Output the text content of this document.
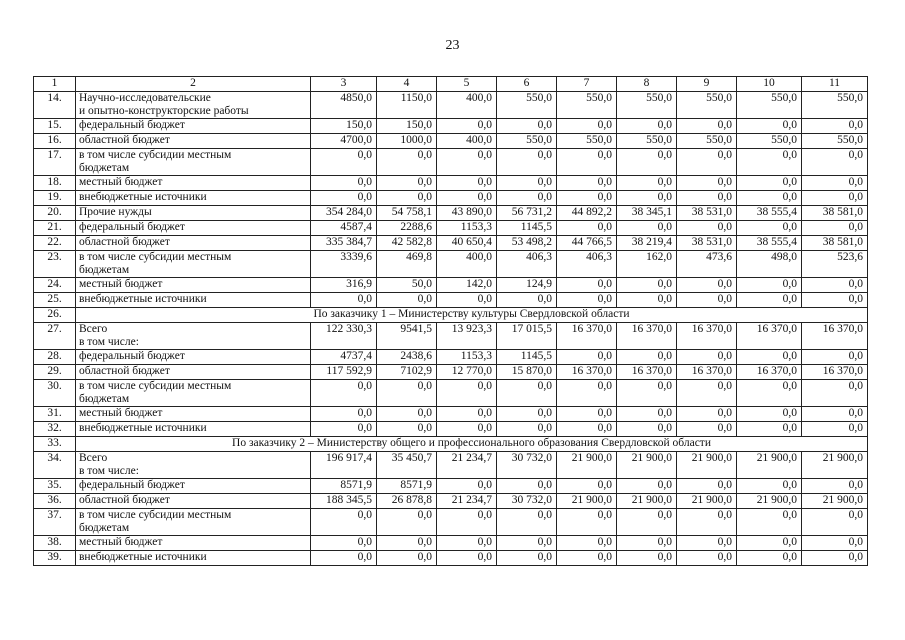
23
1	2	3	4	5	6	7	8	9	10	11
14.	Научно-исследовательские
и опытно-конструкторские работы	4850,0	1150,0	400,0	550,0	550,0	550,0	550,0	550,0	550,0
15.	федеральный бюджет	150,0	150,0	0,0	0,0	0,0	0,0	0,0	0,0	0,0
16.	областной бюджет	4700,0	1000,0	400,0	550,0	550,0	550,0	550,0	550,0	550,0
17.	в том числе субсидии местным
бюджетам	0,0	0,0	0,0	0,0	0,0	0,0	0,0	0,0	0,0
18.	местный бюджет	0,0	0,0	0,0	0,0	0,0	0,0	0,0	0,0	0,0
19.	внебюджетные источники	0,0	0,0	0,0	0,0	0,0	0,0	0,0	0,0	0,0
20.	Прочие нужды	354 284,0	54 758,1	43 890,0	56 731,2	44 892,2	38 345,1	38 531,0	38 555,4	38 581,0
21.	федеральный бюджет	4587,4	2288,6	1153,3	1145,5	0,0	0,0	0,0	0,0	0,0
22.	областной бюджет	335 384,7	42 582,8	40 650,4	53 498,2	44 766,5	38 219,4	38 531,0	38 555,4	38 581,0
23.	в том числе субсидии местным
бюджетам	3339,6	469,8	400,0	406,3	406,3	162,0	473,6	498,0	523,6
24.	местный бюджет	316,9	50,0	142,0	124,9	0,0	0,0	0,0	0,0	0,0
25.	внебюджетные источники	0,0	0,0	0,0	0,0	0,0	0,0	0,0	0,0	0,0
26.	По заказчику 1 – Министерству культуры Свердловской области									
27.	Всего
в том числе:	122 330,3	9541,5	13 923,3	17 015,5	16 370,0	16 370,0	16 370,0	16 370,0	16 370,0
28.	федеральный бюджет	4737,4	2438,6	1153,3	1145,5	0,0	0,0	0,0	0,0	0,0
29.	областной бюджет	117 592,9	7102,9	12 770,0	15 870,0	16 370,0	16 370,0	16 370,0	16 370,0	16 370,0
30.	в том числе субсидии местным
бюджетам	0,0	0,0	0,0	0,0	0,0	0,0	0,0	0,0	0,0
31.	местный бюджет	0,0	0,0	0,0	0,0	0,0	0,0	0,0	0,0	0,0
32.	внебюджетные источники	0,0	0,0	0,0	0,0	0,0	0,0	0,0	0,0	0,0
33.	По заказчику 2 – Министерству общего и профессионального образования Свердловской области									
34.	Всего
в том числе:	196 917,4	35 450,7	21 234,7	30 732,0	21 900,0	21 900,0	21 900,0	21 900,0	21 900,0
35.	федеральный бюджет	8571,9	8571,9	0,0	0,0	0,0	0,0	0,0	0,0	0,0
36.	областной бюджет	188 345,5	26 878,8	21 234,7	30 732,0	21 900,0	21 900,0	21 900,0	21 900,0	21 900,0
37.	в том числе субсидии местным
бюджетам	0,0	0,0	0,0	0,0	0,0	0,0	0,0	0,0	0,0
38.	местный бюджет	0,0	0,0	0,0	0,0	0,0	0,0	0,0	0,0	0,0
39.	внебюджетные источники	0,0	0,0	0,0	0,0	0,0	0,0	0,0	0,0	0,0
